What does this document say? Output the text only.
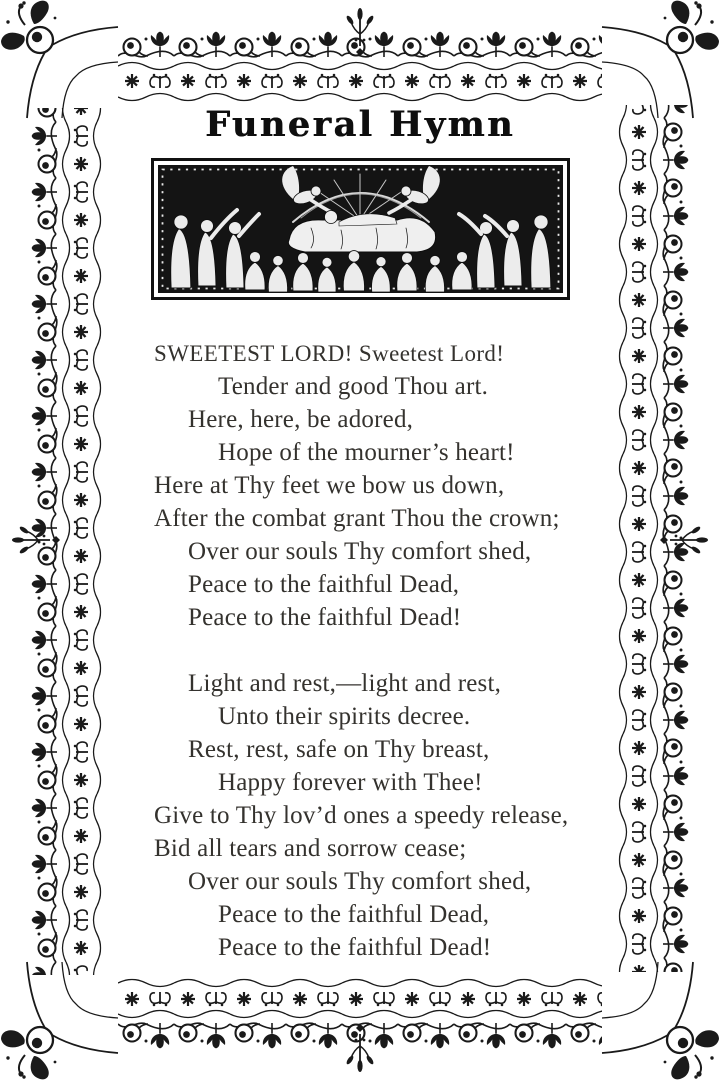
Funeral Hymn
SWEETEST LORD! Sweetest Lord!
Tender and good Thou art.
Here, here, be adored,
Hope of the mourner’s heart!
Here at Thy feet we bow us down,
After the combat grant Thou the crown;
Over our souls Thy comfort shed,
Peace to the faithful Dead,
Peace to the faithful Dead!
Light and rest,—light and rest,
Unto their spirits decree.
Rest, rest, safe on Thy breast,
Happy forever with Thee!
Give to Thy lov’d ones a speedy release,
Bid all tears and sorrow cease;
Over our souls Thy comfort shed,
Peace to the faithful Dead,
Peace to the faithful Dead!
